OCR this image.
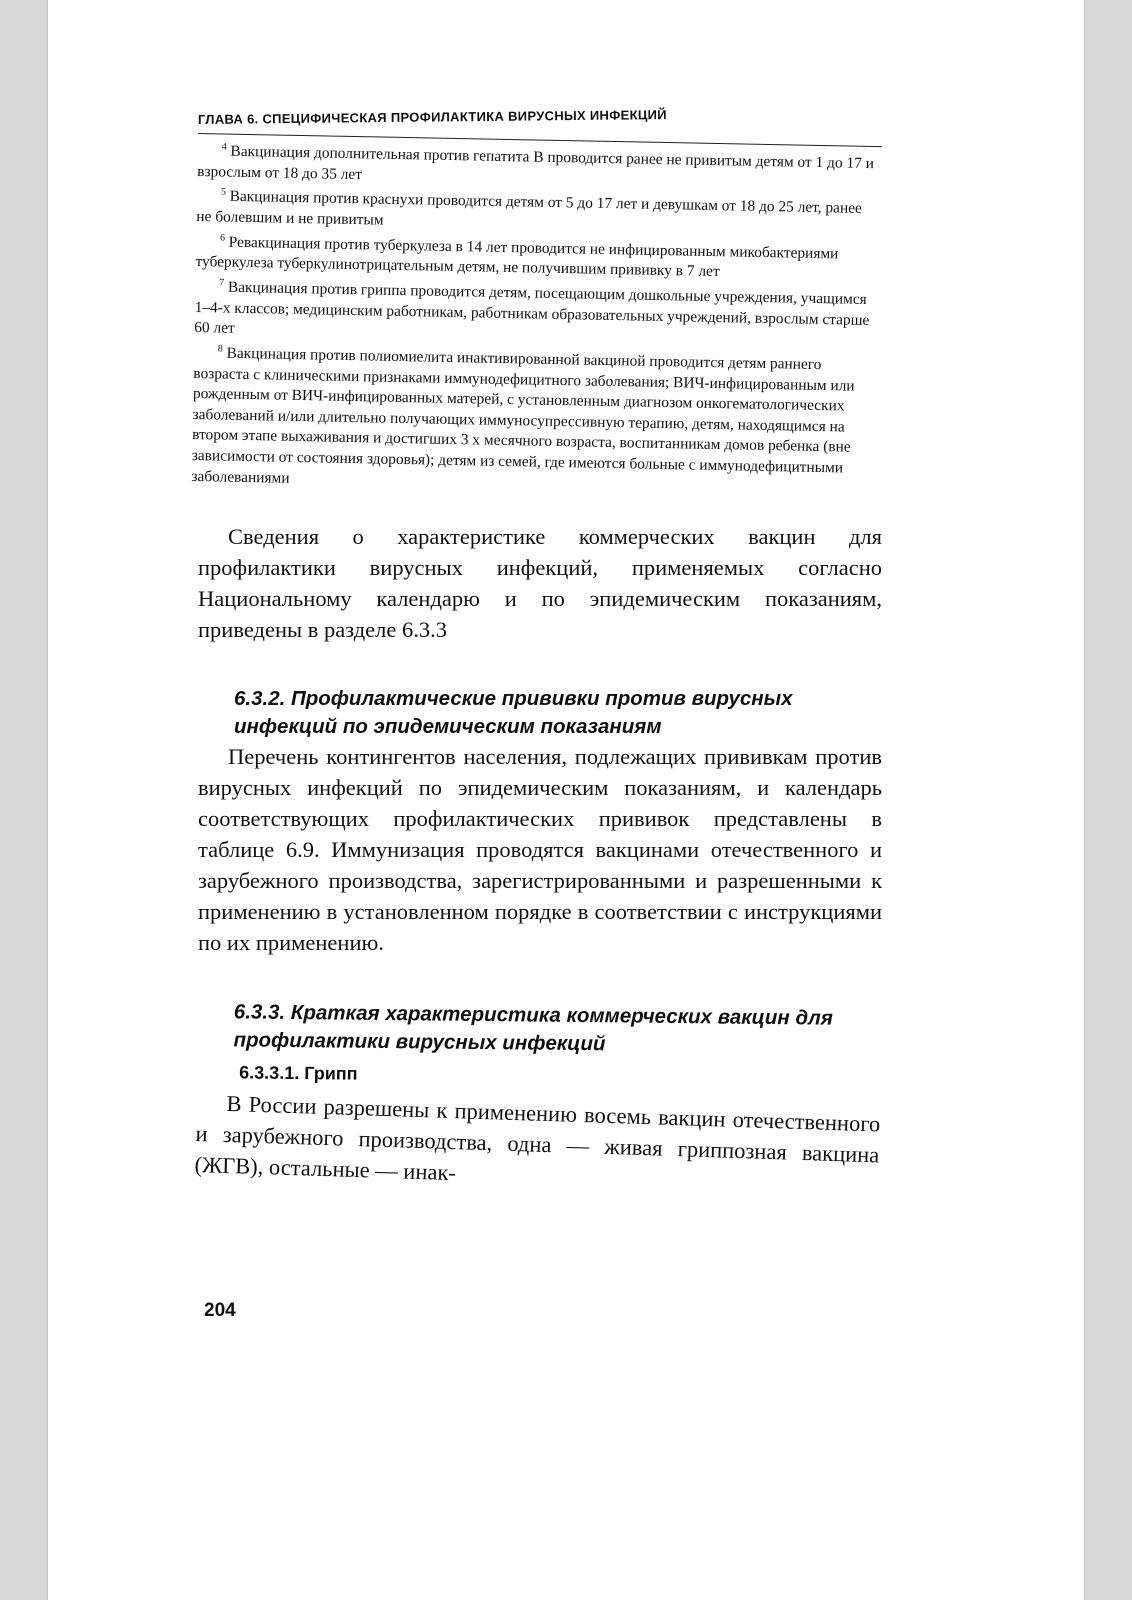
ГЛАВА 6. СПЕЦИФИЧЕСКАЯ ПРОФИЛАКТИКА ВИРУСНЫХ ИНФЕКЦИЙ

$^4$ Вакцинация дополнительная против гепатита В проводится ранее не привитым детям от 1 до 17 и взрослым от 18 до 35 лет

$^5$ Вакцинация против краснухи проводится детям от 5 до 17 лет и девушкам от 18 до 25 лет, ранее не болевшим и не привитым

$^6$ Ревакцинация против туберкулеза в 14 лет проводится не инфицированным микобактериями туберкулеза туберкулинотрицательным детям, не получившим прививку в 7 лет

$^7$ Вакцинация против гриппа проводится детям, посещающим дошкольные учреждения, учащимся 1–4-х классов; медицинским работникам, работникам образовательных учреждений, взрослым старше 60 лет

$^8$ Вакцинация против полиомиелита инактивированной вакциной проводится детям раннего возраста с клиническими признаками иммунодефицитного заболевания; ВИЧ-инфицированным или рожденным от ВИЧ-инфицированных матерей, с установленным диагнозом онкогематологических заболеваний и/или длительно получающих иммуносупрессивную терапию, детям, находящимся на втором этапе выхаживания и достигших 3 х месячного возраста, воспитанникам домов ребенка (вне зависимости от состояния здоровья); детям из семей, где имеются больные с иммунодефицитными заболеваниями

Сведения о характеристике коммерческих вакцин для профилактики вирусных инфекций, применяемых согласно Национальному календарю и по эпидемическим показаниям, приведены в разделе 6.3.3

6.3.2. Профилактические прививки против вирусных инфекций по эпидемическим показаниям

Перечень контингентов населения, подлежащих прививкам против вирусных инфекций по эпидемическим показаниям, и календарь соответствующих профилактических прививок представлены в таблице 6.9. Иммунизация проводятся вакцинами отечественного и зарубежного производства, зарегистрированными и разрешенными к применению в установленном порядке в соответствии с инструкциями по их применению.

6.3.3. Краткая характеристика коммерческих вакцин для профилактики вирусных инфекций
6.3.3.1. Грипп

В России разрешены к применению восемь вакцин отечественного и зарубежного производства, одна — живая гриппозная вакцина (ЖГВ), остальные — инак-

204
